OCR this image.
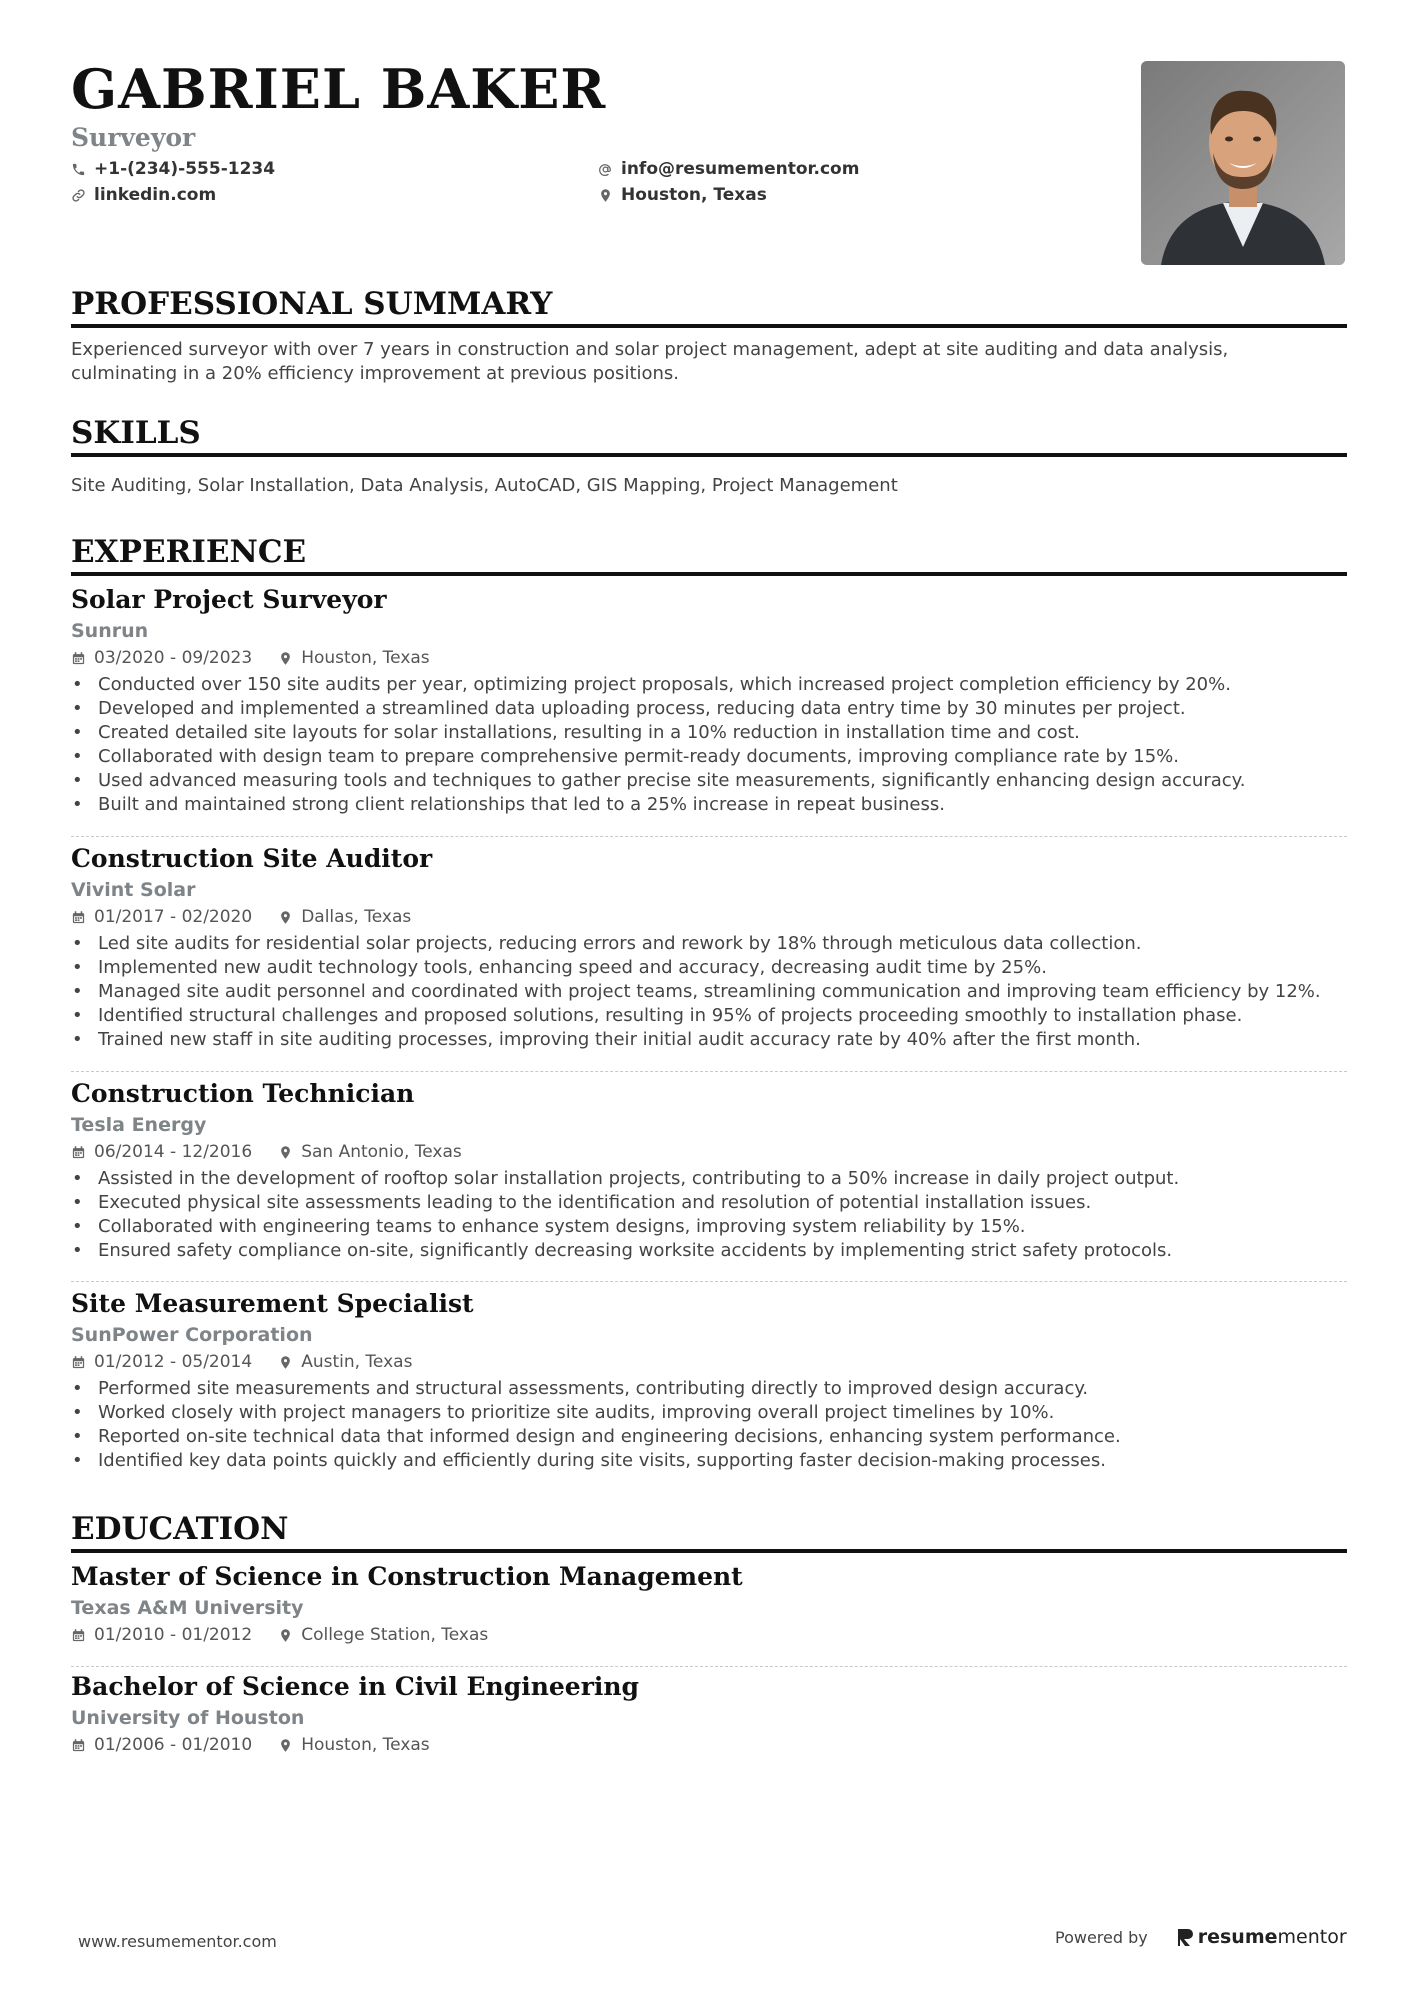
GABRIEL BAKER
Surveyor
+1-(234)-555-1234
linkedin.com
info@resumementor.com
Houston, Texas
PROFESSIONAL SUMMARY
Experienced surveyor with over 7 years in construction and solar project management, adept at site auditing and data analysis,
culminating in a 20% efficiency improvement at previous positions.
SKILLS
Site Auditing, Solar Installation, Data Analysis, AutoCAD, GIS Mapping, Project Management
EXPERIENCE
Solar Project Surveyor
Sunrun
03/2020 - 09/2023	Houston, Texas
• Conducted over 150 site audits per year, optimizing project proposals, which increased project completion efficiency by 20%.
• Developed and implemented a streamlined data uploading process, reducing data entry time by 30 minutes per project.
• Created detailed site layouts for solar installations, resulting in a 10% reduction in installation time and cost.
• Collaborated with design team to prepare comprehensive permit-ready documents, improving compliance rate by 15%.
• Used advanced measuring tools and techniques to gather precise site measurements, significantly enhancing design accuracy.
• Built and maintained strong client relationships that led to a 25% increase in repeat business.
Construction Site Auditor
Vivint Solar
01/2017 - 02/2020	Dallas, Texas
• Led site audits for residential solar projects, reducing errors and rework by 18% through meticulous data collection.
• Implemented new audit technology tools, enhancing speed and accuracy, decreasing audit time by 25%.
• Managed site audit personnel and coordinated with project teams, streamlining communication and improving team efficiency by 12%.
• Identified structural challenges and proposed solutions, resulting in 95% of projects proceeding smoothly to installation phase.
• Trained new staff in site auditing processes, improving their initial audit accuracy rate by 40% after the first month.
Construction Technician
Tesla Energy
06/2014 - 12/2016	San Antonio, Texas
• Assisted in the development of rooftop solar installation projects, contributing to a 50% increase in daily project output.
• Executed physical site assessments leading to the identification and resolution of potential installation issues.
• Collaborated with engineering teams to enhance system designs, improving system reliability by 15%.
• Ensured safety compliance on-site, significantly decreasing worksite accidents by implementing strict safety protocols.
Site Measurement Specialist
SunPower Corporation
01/2012 - 05/2014	Austin, Texas
• Performed site measurements and structural assessments, contributing directly to improved design accuracy.
• Worked closely with project managers to prioritize site audits, improving overall project timelines by 10%.
• Reported on-site technical data that informed design and engineering decisions, enhancing system performance.
• Identified key data points quickly and efficiently during site visits, supporting faster decision-making processes.
EDUCATION
Master of Science in Construction Management
Texas A&M University
01/2010 - 01/2012	College Station, Texas
Bachelor of Science in Civil Engineering
University of Houston
01/2006 - 01/2010	Houston, Texas
www.resumementor.com	Powered by	resume mentor
